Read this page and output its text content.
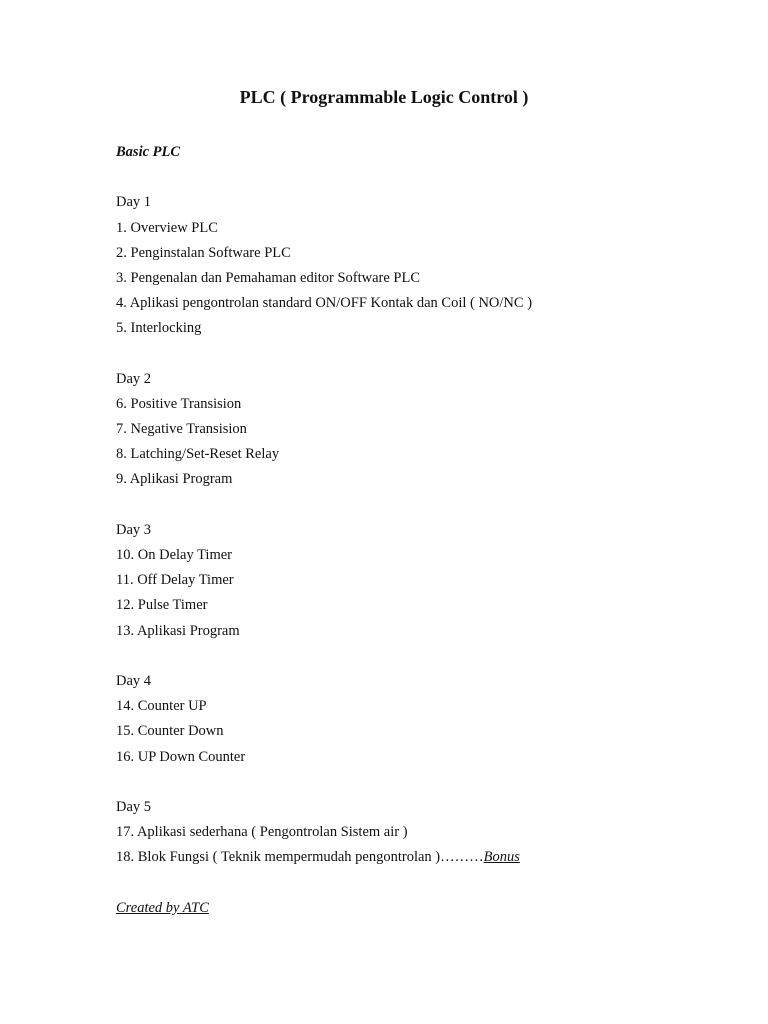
PLC ( Programmable Logic Control )
Basic PLC
Day 1
1. Overview PLC
2. Penginstalan Software PLC
3. Pengenalan dan Pemahaman editor Software PLC
4. Aplikasi pengontrolan standard ON/OFF Kontak dan Coil ( NO/NC )
5. Interlocking
Day 2
6. Positive Transision
7. Negative Transision
8. Latching/Set-Reset Relay
9. Aplikasi Program
Day 3
10. On Delay Timer
11. Off Delay Timer
12. Pulse Timer
13. Aplikasi Program
Day 4
14. Counter UP
15. Counter Down
16. UP Down Counter
Day 5
17. Aplikasi sederhana ( Pengontrolan Sistem air )
18. Blok Fungsi ( Teknik mempermudah pengontrolan )………Bonus
Created by ATC
